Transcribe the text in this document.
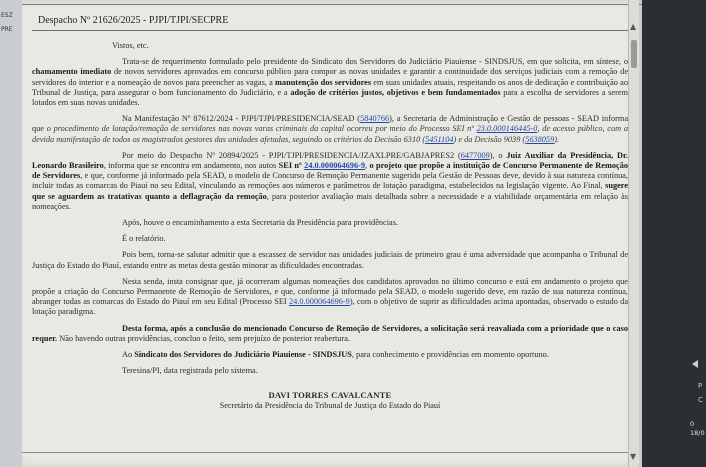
ESZ
PRE
Despacho Nº 21626/2025 - PJPI/TJPI/SECPRE

Vistos, etc.

Trata-se de requerimento formulado pelo presidente do Sindicato dos Servidores do Judiciário Piauiense - SINDSJUS, em que solicita, em síntese, o chamamento imediato de novos servidores aprovados em concurso público para compor as novas unidades e garantir a continuidade dos serviços judiciais com a remoção de servidores do interior e a nomeação de novos para preencher as vagas, a manutenção dos servidores em suas unidades atuais, respeitando os anos de dedicação e contribuição ao Tribunal de Justiça, para assegurar o bom funcionamento do Judiciário, e a adoção de critérios justos, objetivos e bem fundamentados para a escolha de servidores a serem lotados em suas novas unidades.

Na Manifestação Nº 87612/2024 - PJPI/TJPI/PRESIDENCIA/SEAD (5840766), a Secretaria de Administração e Gestão de pessoas - SEAD informa que o procedimento de lotação/remoção de servidores nas novas varas criminais da capital ocorreu por meio do Processo SEI nº 23.0.000146445-0, de acesso público, com a devida manifestação de todos os magistrados gestores das unidades afetadas, seguindo os critérios da Decisão 6310 (5451104) e da Decisão 9039 (5638059).

Por meio do Despacho Nº 20894/2025 - PJPI/TJPI/PRESIDENCIA/JZAXLPRE/GABJAPRES2 (6477009), o Juiz Auxiliar da Presidência, Dr. Leonardo Brasileiro, informa que se encontra em andamento, nos autos SEI nº 24.0.000064696-9, o projeto que propõe a instituição de Concurso Permanente de Remoção de Servidores, e que, conforme já informado pela SEAD, o modelo de Concurso de Remoção Permanente sugerido pela Gestão de Pessoas deve, devido à sua natureza contínua, incluir todas as comarcas do Piauí no seu Edital, vinculando as remoções aos números e parâmetros de lotação paradigma, estabelecidos na legislação vigente. Ao Final, sugere que se aguardem as tratativas quanto a deflagração da remoção, para posterior avaliação mais detalhada sobre a necessidade e a viabilidade orçamentária em relação às nomeações.

Após, houve o encaminhamento a esta Secretaria da Presidência para providências.

É o relatório.

Pois bem, torna-se salutar admitir que a escassez de servidor nas unidades judiciais de primeiro grau é uma adversidade que acompanha o Tribunal de Justiça do Estado do Piauí, estando entre as metas desta gestão minorar as dificuldades encontradas.

Nesta senda, insta consignar que, já ocorreram algumas nomeações dos candidatos aprovados no último concurso e está em andamento o projeto que propõe a criação do Concurso Permanente de Remoção de Servidores, e que, conforme já informado pela SEAD, o modelo sugerido deve, em razão de sua natureza contínua, abranger todas as comarcas do Estado do Piauí em seu Edital (Processo SEI 24.0.000064696-9), com o objetivo de suprir as dificuldades acima apontadas, observado o estudo da lotação paradigma.

Desta forma, após a conclusão do mencionado Concurso de Remoção de Servidores, a solicitação será reavaliada com a prioridade que o caso requer. Não havendo outras providências, concluo o feito, sem prejuízo de posterior reabertura.

Ao Sindicato dos Servidores do Judiciário Piauiense - SINDSJUS, para conhecimento e providências em momento oportuno.

Teresina/PI, data registrada pelo sistema.

DAVI TORRES CAVALCANTE
Secretário da Presidência do Tribunal de Justiça do Estado do Piauí
▲
▼
P
C
0
18/0
